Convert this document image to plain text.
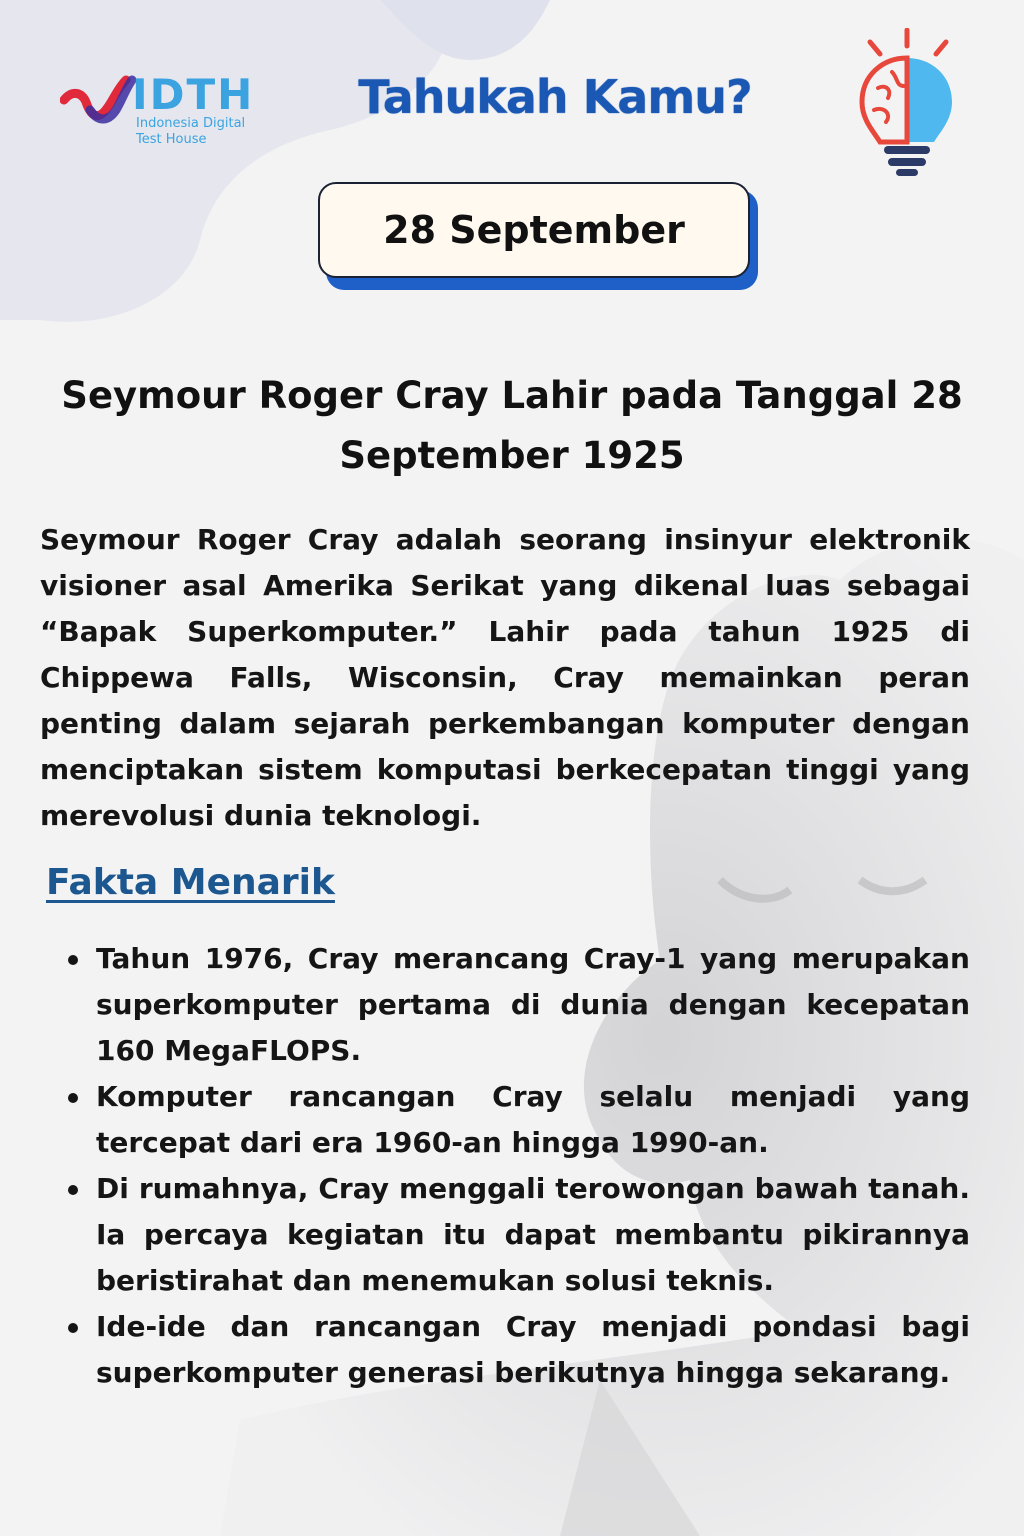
IDTH
Indonesia Digital
Test House
Tahukah Kamu?
28 September
Seymour Roger Cray Lahir pada Tanggal 28 September 1925
Seymour Roger Cray adalah seorang insinyur elektronik visioner asal Amerika Serikat yang dikenal luas sebagai “Bapak Superkomputer.” Lahir pada tahun 1925 di Chippewa Falls, Wisconsin, Cray memainkan peran penting dalam sejarah perkembangan komputer dengan menciptakan sistem komputasi berkecepatan tinggi yang merevolusi dunia teknologi.
Fakta Menarik
Tahun 1976, Cray merancang Cray-1 yang merupakan superkomputer pertama di dunia dengan kecepatan 160 MegaFLOPS.
Komputer rancangan Cray selalu menjadi yang tercepat dari era 1960-an hingga 1990-an.
Di rumahnya, Cray menggali terowongan bawah tanah. Ia percaya kegiatan itu dapat membantu pikirannya beristirahat dan menemukan solusi teknis.
Ide-ide dan rancangan Cray menjadi pondasi bagi superkomputer generasi berikutnya hingga sekarang.
